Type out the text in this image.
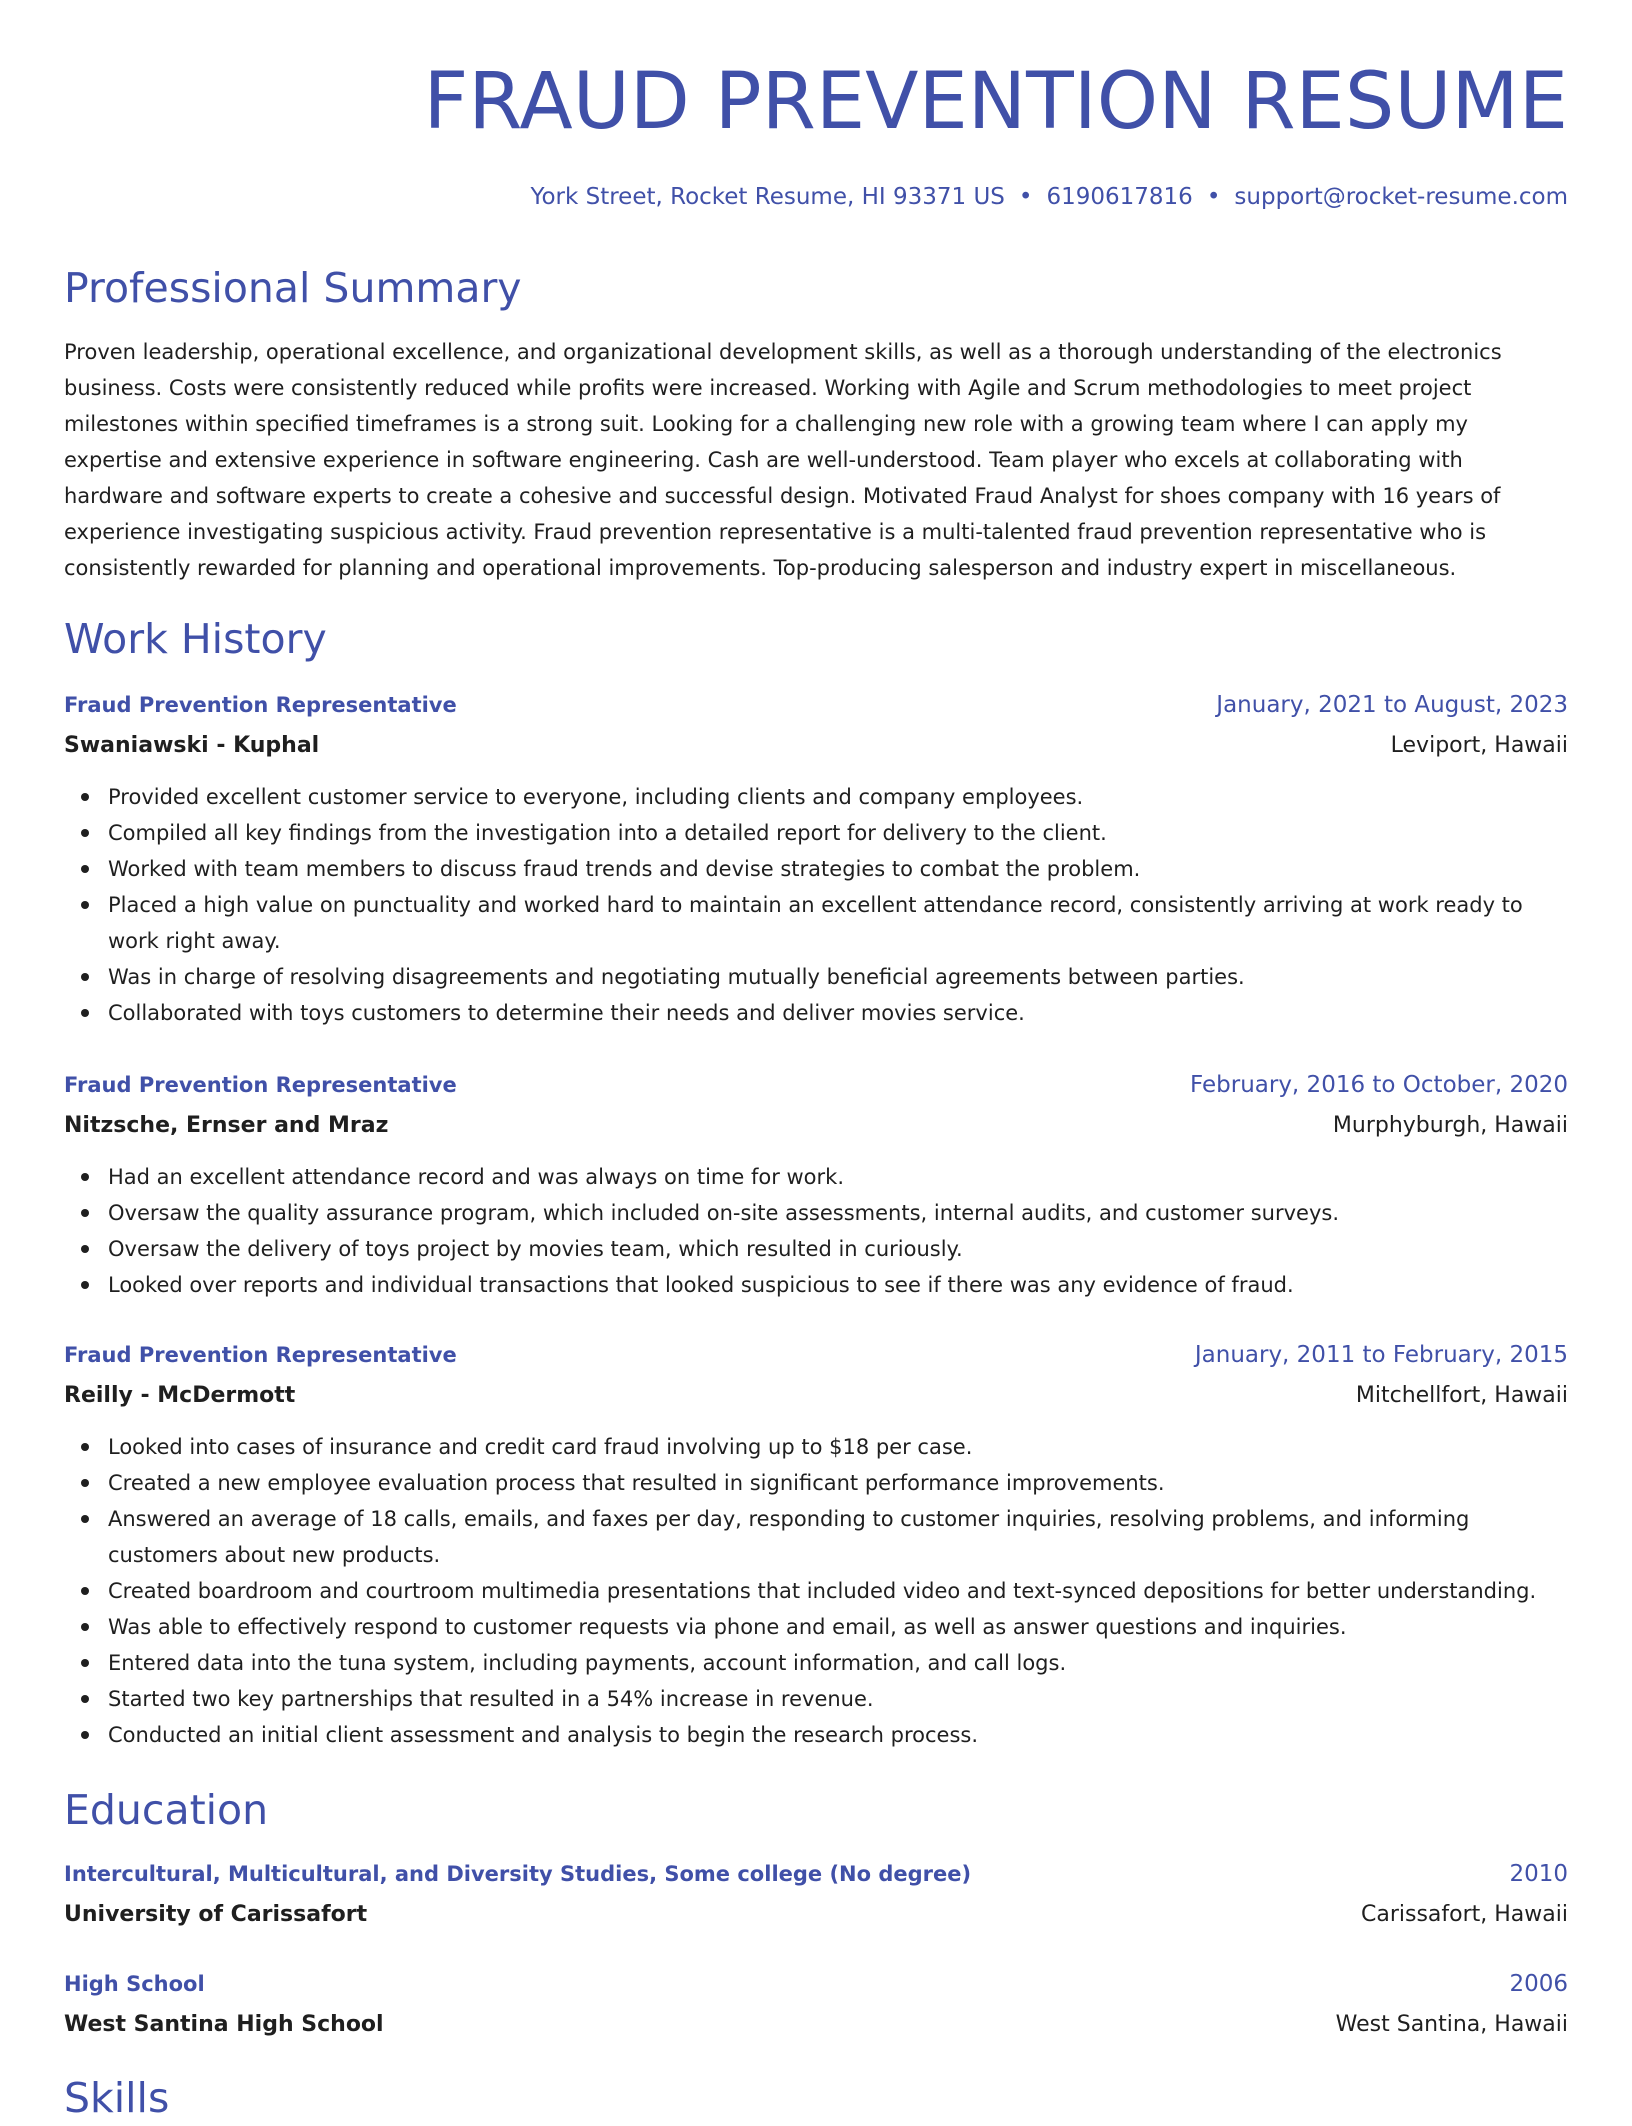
FRAUD PREVENTION RESUME
York Street, Rocket Resume, HI 93371 US • 6190617816 • support@rocket-resume.com
Professional Summary

Proven leadership, operational excellence, and organizational development skills, as well as a thorough understanding of the electronics business. Costs were consistently reduced while profits were increased. Working with Agile and Scrum methodologies to meet project milestones within specified timeframes is a strong suit. Looking for a challenging new role with a growing team where I can apply my expertise and extensive experience in software engineering. Cash are well-understood. Team player who excels at collaborating with hardware and software experts to create a cohesive and successful design. Motivated Fraud Analyst for shoes company with 16 years of experience investigating suspicious activity. Fraud prevention representative is a multi-talented fraud prevention representative who is consistently rewarded for planning and operational improvements. Top-producing salesperson and industry expert in miscellaneous.

Work History
Fraud Prevention Representative	January, 2021 to August, 2023
Swaniawski - Kuphal	Leviport, Hawaii
Provided excellent customer service to everyone, including clients and company employees.
Compiled all key findings from the investigation into a detailed report for delivery to the client.
Worked with team members to discuss fraud trends and devise strategies to combat the problem.
Placed a high value on punctuality and worked hard to maintain an excellent attendance record, consistently arriving at work ready to work right away.
Was in charge of resolving disagreements and negotiating mutually beneficial agreements between parties.
Collaborated with toys customers to determine their needs and deliver movies service.
Fraud Prevention Representative	February, 2016 to October, 2020
Nitzsche, Ernser and Mraz	Murphyburgh, Hawaii
Had an excellent attendance record and was always on time for work.
Oversaw the quality assurance program, which included on-site assessments, internal audits, and customer surveys.
Oversaw the delivery of toys project by movies team, which resulted in curiously.
Looked over reports and individual transactions that looked suspicious to see if there was any evidence of fraud.
Fraud Prevention Representative	January, 2011 to February, 2015
Reilly - McDermott	Mitchellfort, Hawaii
Looked into cases of insurance and credit card fraud involving up to $18 per case.
Created a new employee evaluation process that resulted in significant performance improvements.
Answered an average of 18 calls, emails, and faxes per day, responding to customer inquiries, resolving problems, and informing customers about new products.
Created boardroom and courtroom multimedia presentations that included video and text-synced depositions for better understanding.
Was able to effectively respond to customer requests via phone and email, as well as answer questions and inquiries.
Entered data into the tuna system, including payments, account information, and call logs.
Started two key partnerships that resulted in a 54% increase in revenue.
Conducted an initial client assessment and analysis to begin the research process.
Education
Intercultural, Multicultural, and Diversity Studies, Some college (No degree)	2010
University of Carissafort	Carissafort, Hawaii
High School	2006
West Santina High School	West Santina, Hawaii
Skills
